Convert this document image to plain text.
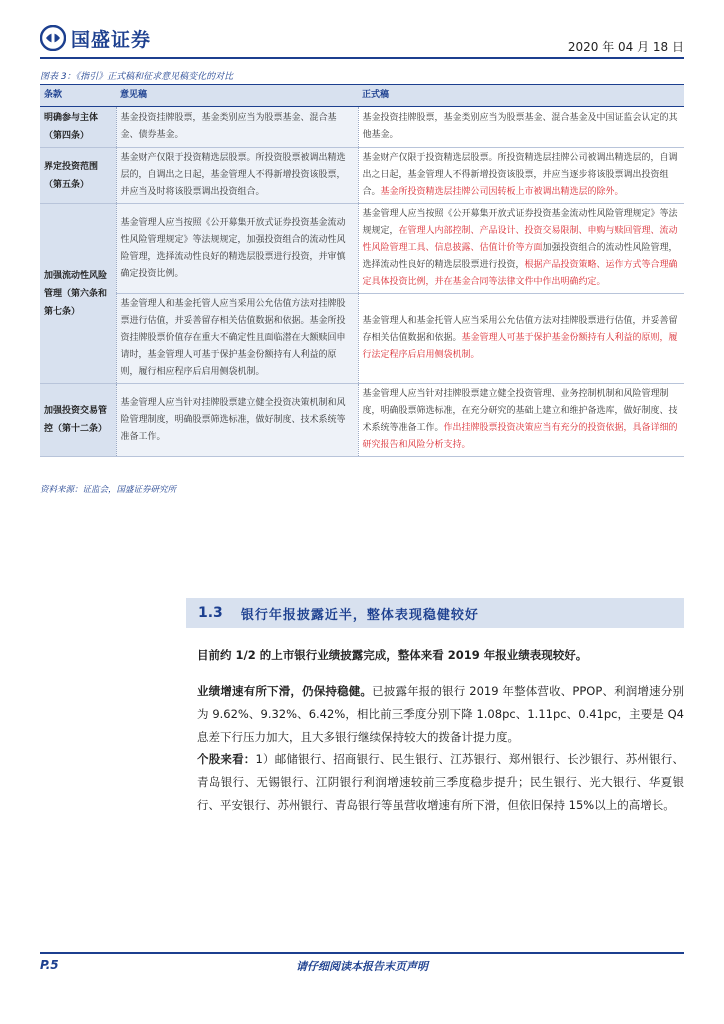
国盛证券	2020 年 04 月 18 日
图表 3：《指引》正式稿和征求意见稿变化的对比
条款	意见稿	正式稿
明确参与主体（第四条）	基金投资挂牌股票，基金类别应当为股票基金、混合基金、债券基金。	基金投资挂牌股票，基金类别应当为股票基金、混合基金及中国证监会认定的其他基金。
界定投资范围（第五条）	基金财产仅限于投资精选层股票。所投资股票被调出精选层的，自调出之日起，基金管理人不得新增投资该股票，并应当及时将该股票调出投资组合。	基金财产仅限于投资精选层股票。所投资精选层挂牌公司被调出精选层的，自调出之日起，基金管理人不得新增投资该股票，并应当逐步将该股票调出投资组合。基金所投资精选层挂牌公司因转板上市被调出精选层的除外。
加强流动性风险管理（第六条和第七条）	基金管理人应当按照《公开募集开放式证券投资基金流动性风险管理规定》等法规规定，加强投资组合的流动性风险管理，选择流动性良好的精选层股票进行投资，并审慎确定投资比例。	基金管理人应当按照《公开募集开放式证券投资基金流动性风险管理规定》等法规规定，在管理人内部控制、产品设计、投资交易限制、申购与赎回管理、流动性风险管理工具、信息披露、估值计价等方面加强投资组合的流动性风险管理，选择流动性良好的精选层股票进行投资，根据产品投资策略、运作方式等合理确定具体投资比例，并在基金合同等法律文件中作出明确约定。
	基金管理人和基金托管人应当采用公允估值方法对挂牌股票进行估值，并妥善留存相关估值数据和依据。基金所投资挂牌股票价值存在重大不确定性且面临潜在大额赎回申请时，基金管理人可基于保护基金份额持有人利益的原则，履行相应程序后启用侧袋机制。	基金管理人和基金托管人应当采用公允估值方法对挂牌股票进行估值，并妥善留存相关估值数据和依据。基金管理人可基于保护基金份额持有人利益的原则，履行法定程序后启用侧袋机制。
加强投资交易管控（第十二条）	基金管理人应当针对挂牌股票建立健全投资决策机制和风险管理制度，明确股票筛选标准，做好制度、技术系统等准备工作。	基金管理人应当针对挂牌股票建立健全投资管理、业务控制机制和风险管理制度，明确股票筛选标准，在充分研究的基础上建立和维护备选库，做好制度、技术系统等准备工作。作出挂牌股票投资决策应当有充分的投资依据，具备详细的研究报告和风险分析支持。
资料来源：证监会，国盛证券研究所
1.3 银行年报披露近半，整体表现稳健较好
目前约 1/2 的上市银行业绩披露完成，整体来看 2019 年报业绩表现较好。
业绩增速有所下滑，仍保持稳健。已披露年报的银行 2019 年整体营收、PPOP、利润增速分别为 9.62%、9.32%、6.42%，相比前三季度分别下降 1.08pc、1.11pc、0.41pc，主要是 Q4 息差下行压力加大，且大多银行继续保持较大的拨备计提力度。
个股来看：1）邮储银行、招商银行、民生银行、江苏银行、郑州银行、长沙银行、苏州银行、青岛银行、无锡银行、江阴银行利润增速较前三季度稳步提升；民生银行、光大银行、华夏银行、平安银行、苏州银行、青岛银行等虽营收增速有所下滑，但依旧保持 15%以上的高增长。
请仔细阅读本报告末页声明
P.5
